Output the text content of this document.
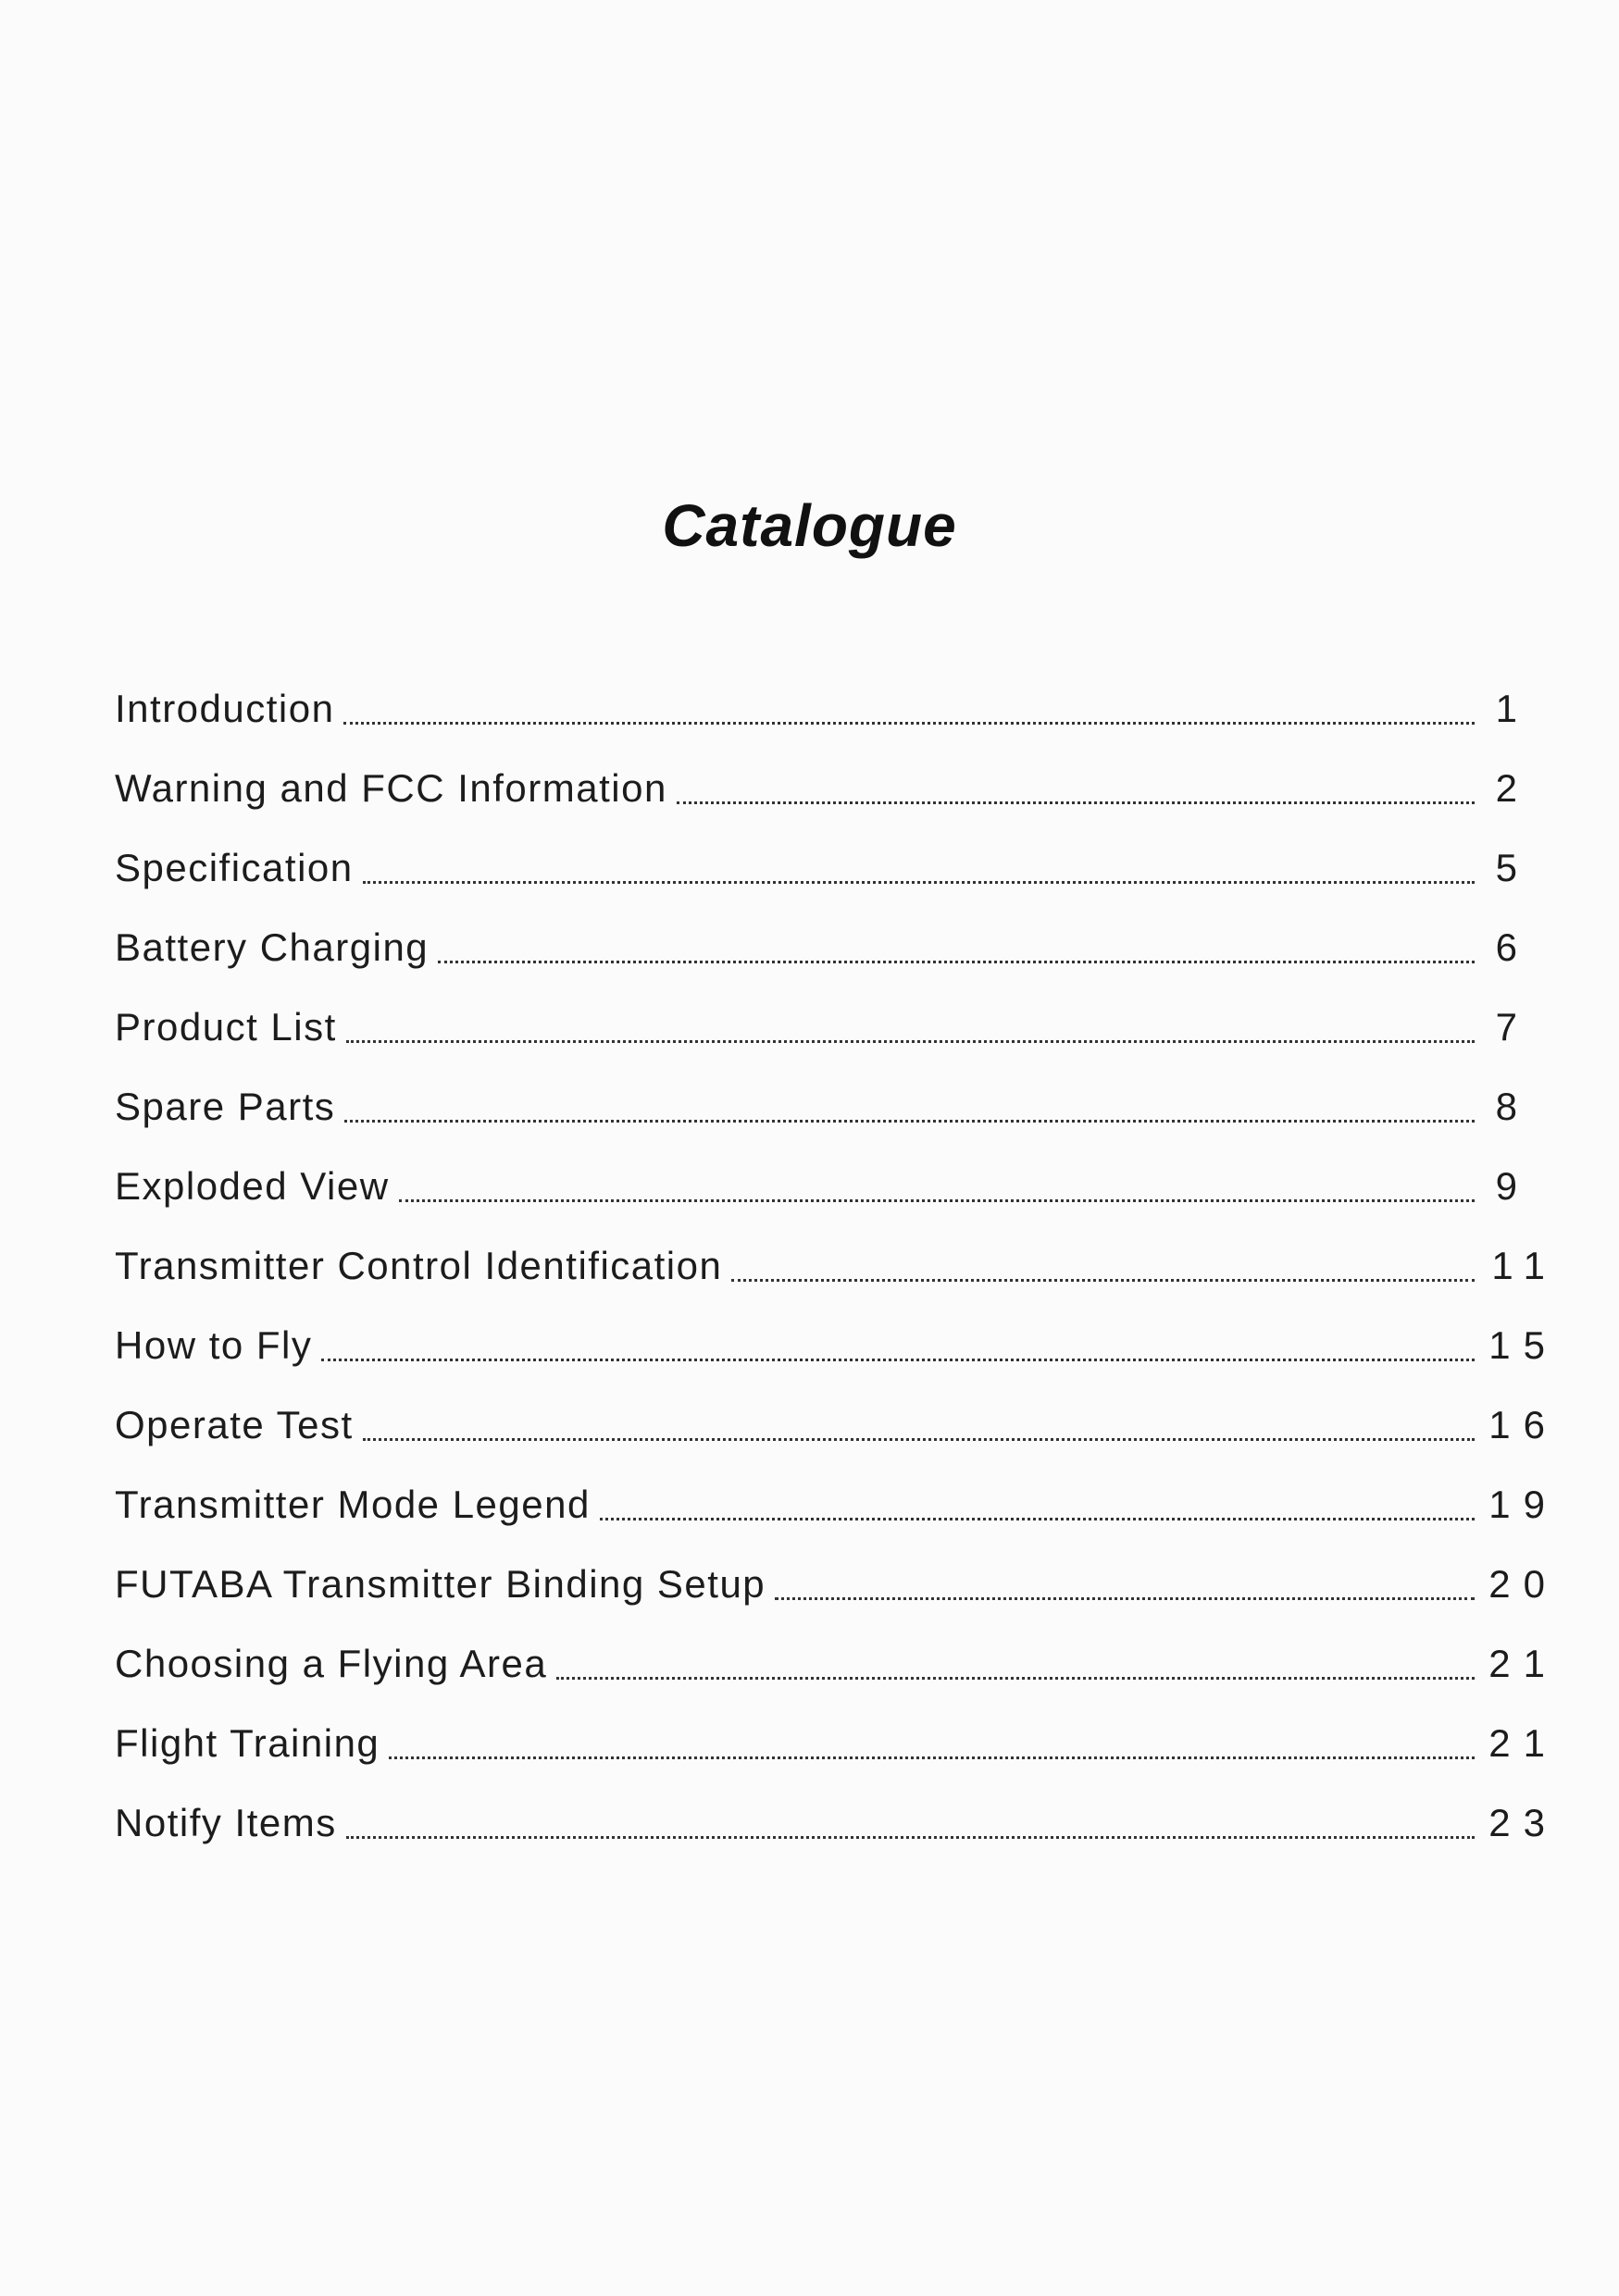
Catalogue
Introduction	1
Warning and FCC Information	2
Specification	5
Battery Charging	6
Product List	7
Spare Parts	8
Exploded View	9
Transmitter Control Identification	11
How to Fly	15
Operate Test	16
Transmitter Mode Legend	19
FUTABA Transmitter Binding Setup	20
Choosing a Flying Area	21
Flight Training	21
Notify Items	23
